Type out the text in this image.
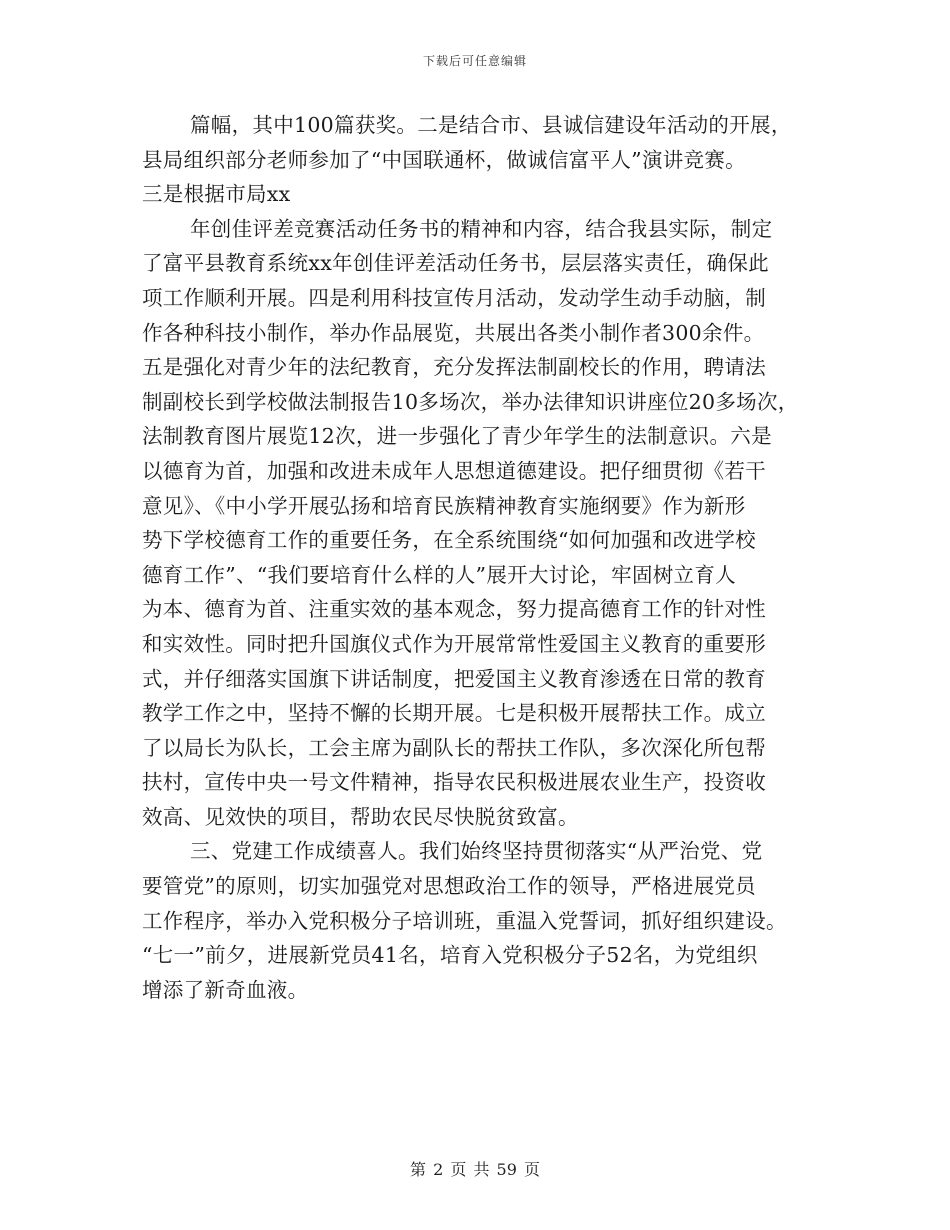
下载后可任意编辑
篇幅，其中100篇获奖。二是结合市、县诚信建设年活动的开展，
县局组织部分老师参加了“中国联通杯，做诚信富平人”演讲竞赛。
三是根据市局xx
年创佳评差竞赛活动任务书的精神和内容，结合我县实际，制定
了富平县教育系统xx年创佳评差活动任务书，层层落实责任，确保此
项工作顺利开展。四是利用科技宣传月活动，发动学生动手动脑，制
作各种科技小制作，举办作品展览，共展出各类小制作者300余件。
五是强化对青少年的法纪教育，充分发挥法制副校长的作用，聘请法
制副校长到学校做法制报告10多场次，举办法律知识讲座位20多场次，
法制教育图片展览12次，进一步强化了青少年学生的法制意识。六是
以德育为首，加强和改进未成年人思想道德建设。把仔细贯彻《若干
意见》、《中小学开展弘扬和培育民族精神教育实施纲要》作为新形
势下学校德育工作的重要任务，在全系统围绕“如何加强和改进学校
德育工作”、“我们要培育什么样的人”展开大讨论，牢固树立育人
为本、德育为首、注重实效的基本观念，努力提高德育工作的针对性
和实效性。同时把升国旗仪式作为开展常常性爱国主义教育的重要形
式，并仔细落实国旗下讲话制度，把爱国主义教育渗透在日常的教育
教学工作之中，坚持不懈的长期开展。七是积极开展帮扶工作。成立
了以局长为队长，工会主席为副队长的帮扶工作队，多次深化所包帮
扶村，宣传中央一号文件精神，指导农民积极进展农业生产，投资收
效高、见效快的项目，帮助农民尽快脱贫致富。
三、党建工作成绩喜人。我们始终坚持贯彻落实“从严治党、党
要管党”的原则，切实加强党对思想政治工作的领导，严格进展党员
工作程序，举办入党积极分子培训班，重温入党誓词，抓好组织建设。
“七一”前夕，进展新党员41名，培育入党积极分子52名，为党组织
增添了新奇血液。
第 2 页 共 59 页
